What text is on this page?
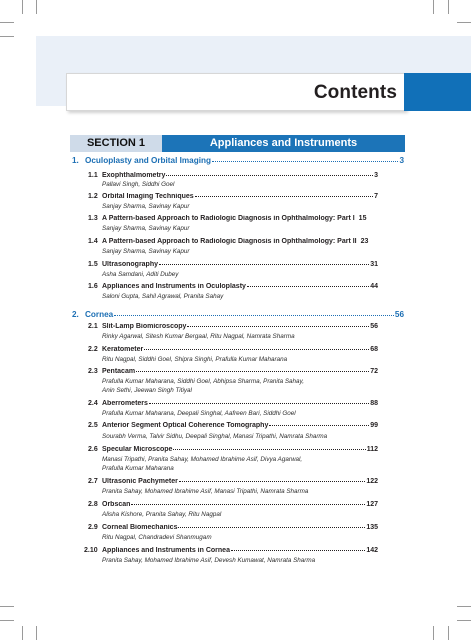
Contents
SECTION 1	Appliances and Instruments
1. Oculoplasty and Orbital Imaging	3
1.1 Exophthalmometry	3
Pallavi Singh, Siddhi Goel
1.2 Orbital Imaging Techniques	7
Sanjay Sharma, Savinay Kapur
1.3 A Pattern-based Approach to Radiologic Diagnosis in Ophthalmology: Part I 15
Sanjay Sharma, Savinay Kapur
1.4 A Pattern-based Approach to Radiologic Diagnosis in Ophthalmology: Part II 23
Sanjay Sharma, Savinay Kapur
1.5 Ultrasonography	31
Asha Samdani, Aditi Dubey
1.6 Appliances and Instruments in Oculoplasty	44
Saloni Gupta, Sahil Agrawal, Pranita Sahay
2. Cornea	56
2.1 Slit-Lamp Biomicroscopy	56
Rinky Agarwal, Sitesh Kumar Bergaal, Ritu Nagpal, Namrata Sharma
2.2 Keratometer	68
Ritu Nagpal, Siddhi Goel, Shipra Singhi, Prafulla Kumar Maharana
2.3 Pentacam	72
Prafulla Kumar Maharana, Siddhi Goel, Abhipsa Sharma, Pranita Sahay,
Anin Sethi, Jeewan Singh Titiyal
2.4 Aberrometers	88
Prafulla Kumar Maharana, Deepali Singhal, Aafreen Bari, Siddhi Goel
2.5 Anterior Segment Optical Coherence Tomography	99
Sourabh Verma, Talvir Sidhu, Deepali Singhal, Manasi Tripathi, Namrata Sharma
2.6 Specular Microscope	112
Manasi Tripathi, Pranita Sahay, Mohamed Ibrahime Asif, Divya Agarwal,
Prafulla Kumar Maharana
2.7 Ultrasonic Pachymeter	122
Pranita Sahay, Mohamed Ibrahime Asif, Manasi Tripathi, Namrata Sharma
2.8 Orbscan	127
Alisha Kishore, Pranita Sahay, Ritu Nagpal
2.9 Corneal Biomechanics	135
Ritu Nagpal, Chandradevi Shanmugam
2.10 Appliances and Instruments in Cornea	142
Pranita Sahay, Mohamed Ibrahime Asif, Devesh Kumawat, Namrata Sharma
